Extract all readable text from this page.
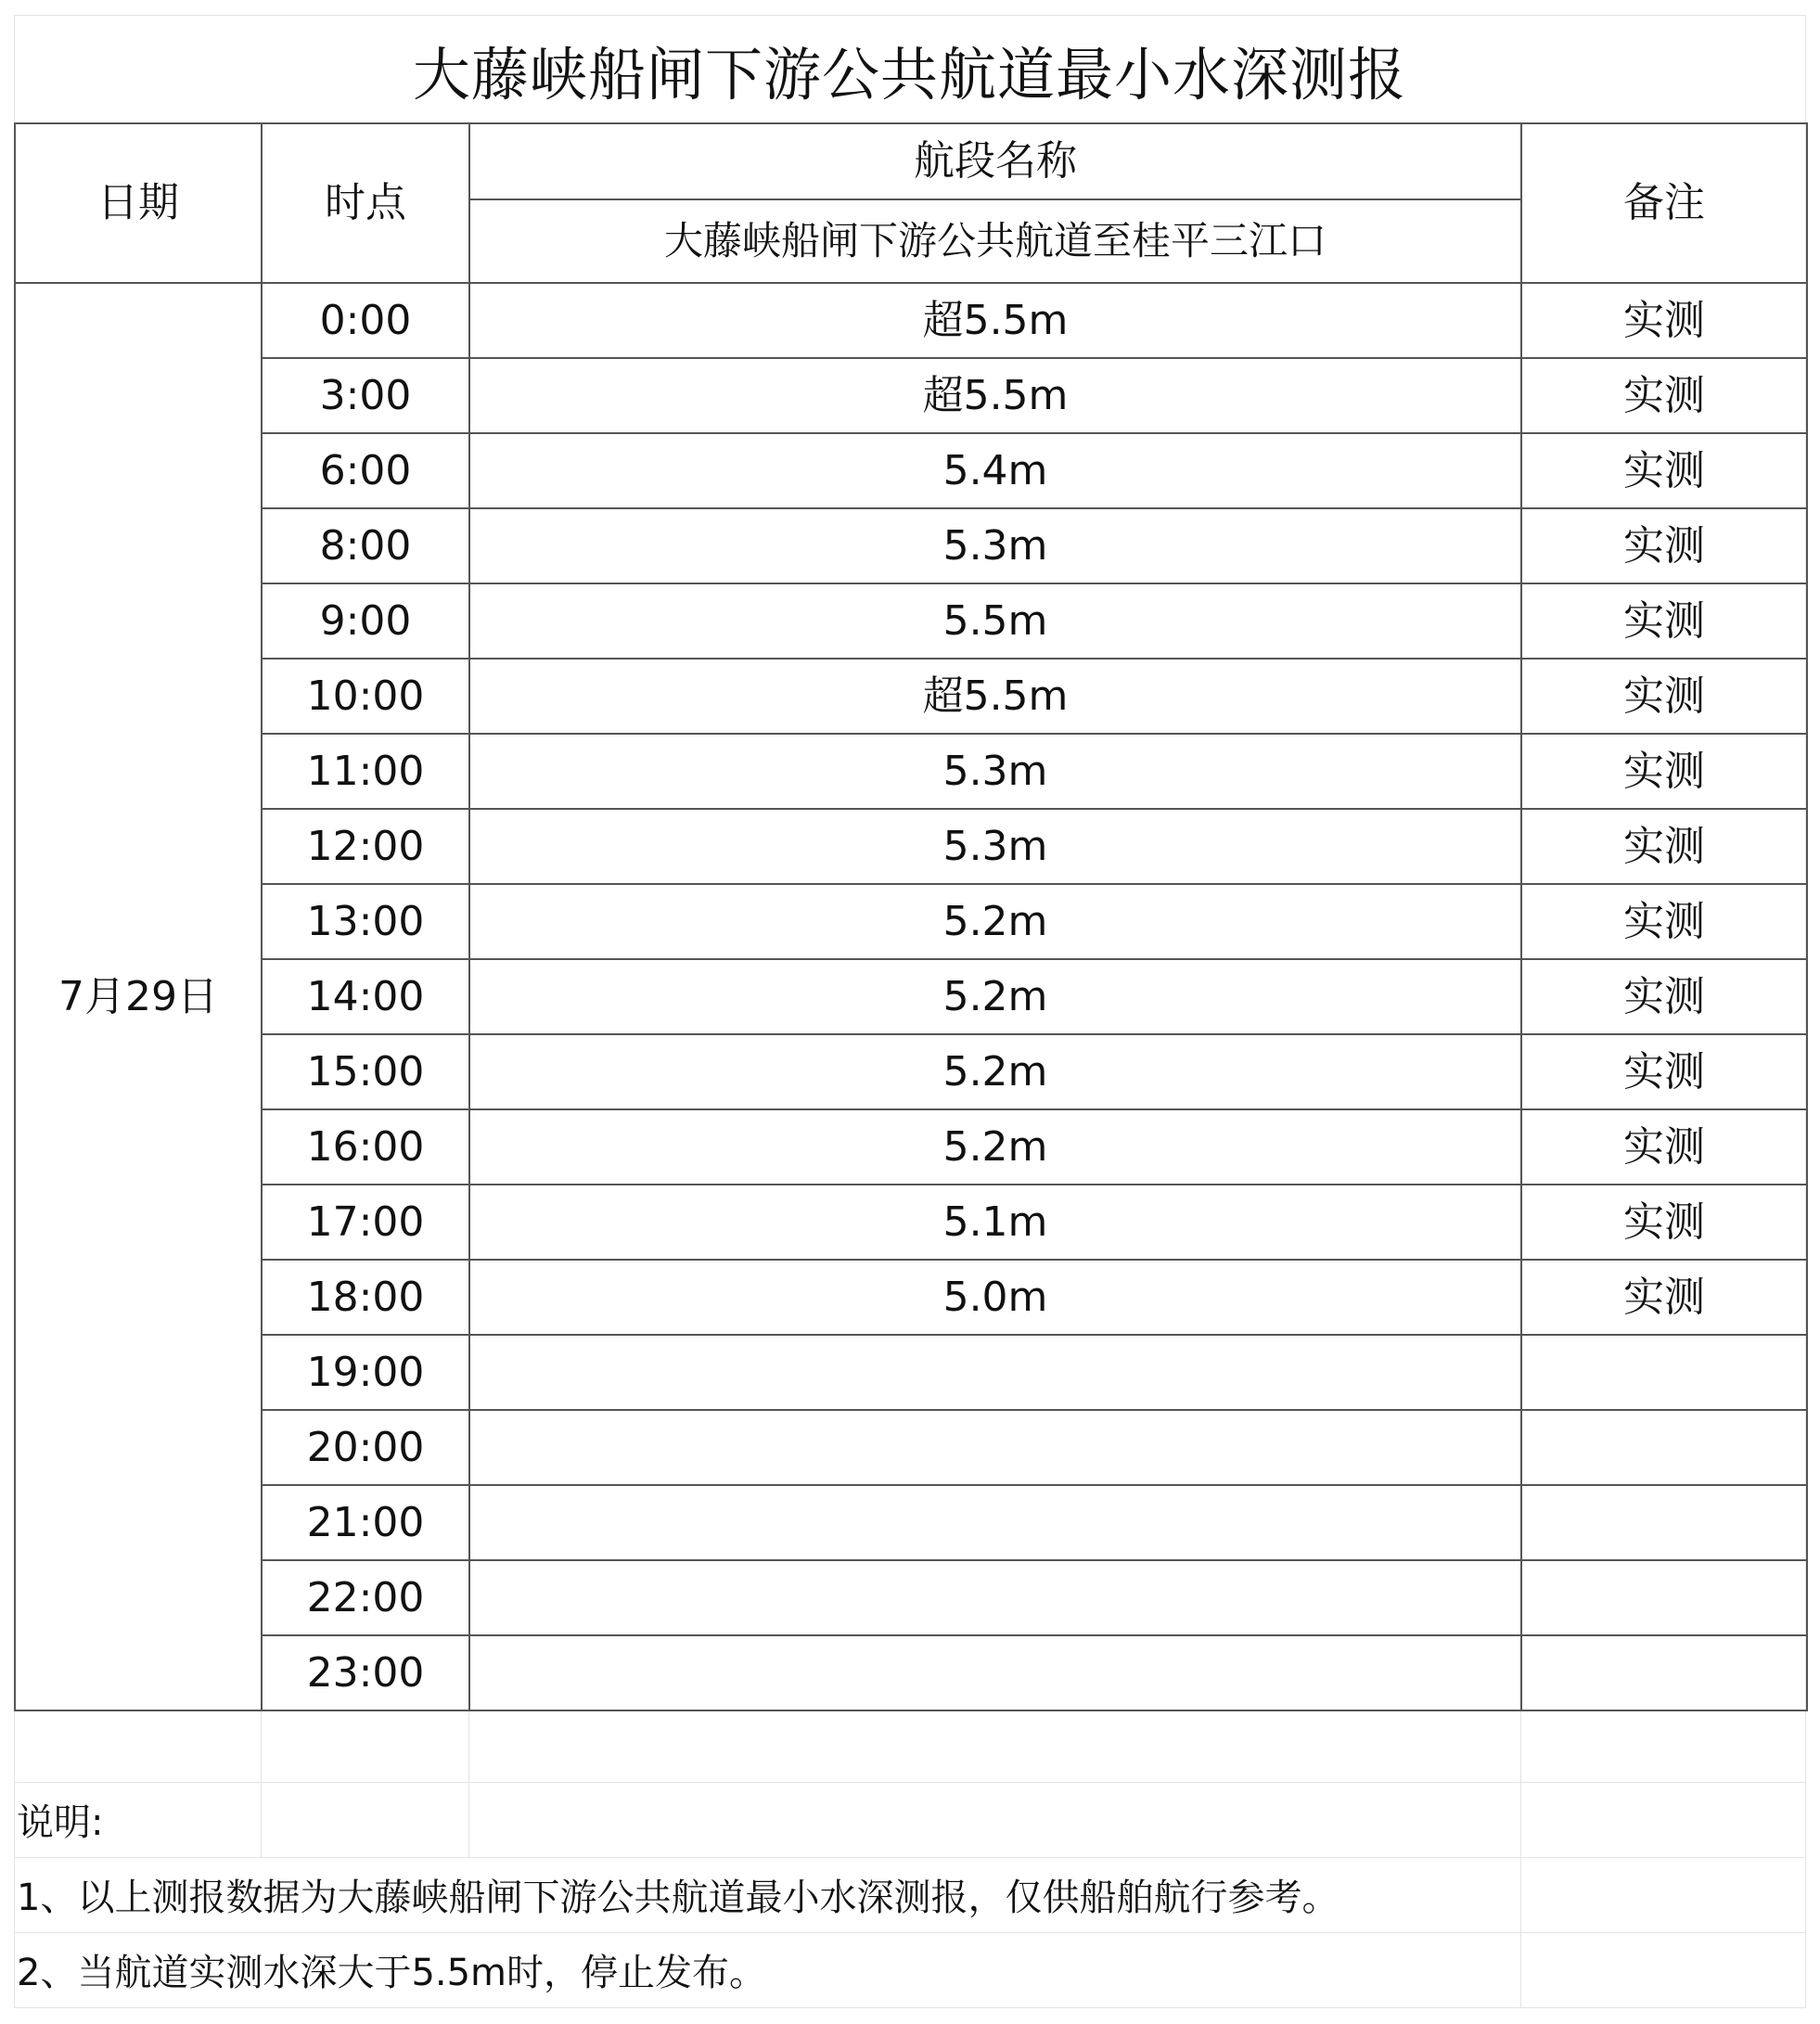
大藤峡船闸下游公共航道最小水深测报
日期	时点	航段名称	备注
		大藤峡船闸下游公共航道至桂平三江口	
7月29日	0:00	超5.5m	实测
	3:00	超5.5m	实测
	6:00	5.4m	实测
	8:00	5.3m	实测
	9:00	5.5m	实测
	10:00	超5.5m	实测
	11:00	5.3m	实测
	12:00	5.3m	实测
	13:00	5.2m	实测
	14:00	5.2m	实测
	15:00	5.2m	实测
	16:00	5.2m	实测
	17:00	5.1m	实测
	18:00	5.0m	实测
	19:00		
	20:00		
	21:00		
	22:00		
	23:00		
说明:
1、以上测报数据为大藤峡船闸下游公共航道最小水深测报，仅供船舶航行参考。
2、当航道实测水深大于5.5m时，停止发布。
